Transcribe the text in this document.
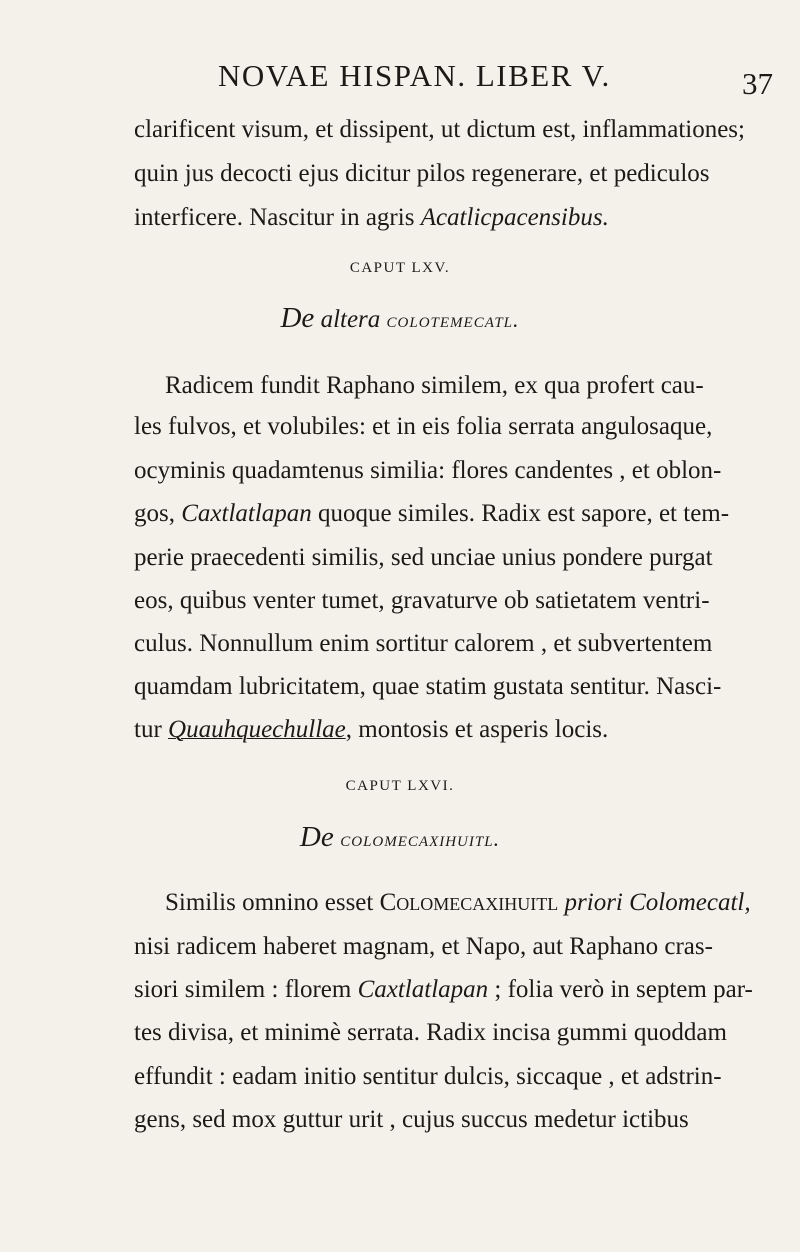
NOVAE HISPAN. LIBER V.	37
clarificent visum, et dissipent, ut dictum est, inflammationes;
quin jus decocti ejus dicitur pilos regenerare, et pediculos
interficere. Nascitur in agris Acatlicpacensibus.
CAPUT LXV.
De altera colotemecatl.
Radicem fundit Raphano similem, ex qua profert cau-
les fulvos, et volubiles: et in eis folia serrata angulosaque,
ocyminis quadamtenus similia: flores candentes , et oblon-
gos, Caxtlatlapan quoque similes. Radix est sapore, et tem-
perie praecedenti similis, sed unciae unius pondere purgat
eos, quibus venter tumet, gravaturve ob satietatem ventri-
culus. Nonnullum enim sortitur calorem , et subvertentem
quamdam lubricitatem, quae statim gustata sentitur. Nasci-
tur Quauhquechullae, montosis et asperis locis.
CAPUT LXVI.
De colomecaxihuitl.
Similis omnino esset Colomecaxihuitl priori Colomecatl,
nisi radicem haberet magnam, et Napo, aut Raphano cras-
siori similem : florem Caxtlatlapan ; folia verò in septem par-
tes divisa, et minimè serrata. Radix incisa gummi quoddam
effundit : eadam initio sentitur dulcis, siccaque , et adstrin-
gens, sed mox guttur urit , cujus succus medetur ictibus
